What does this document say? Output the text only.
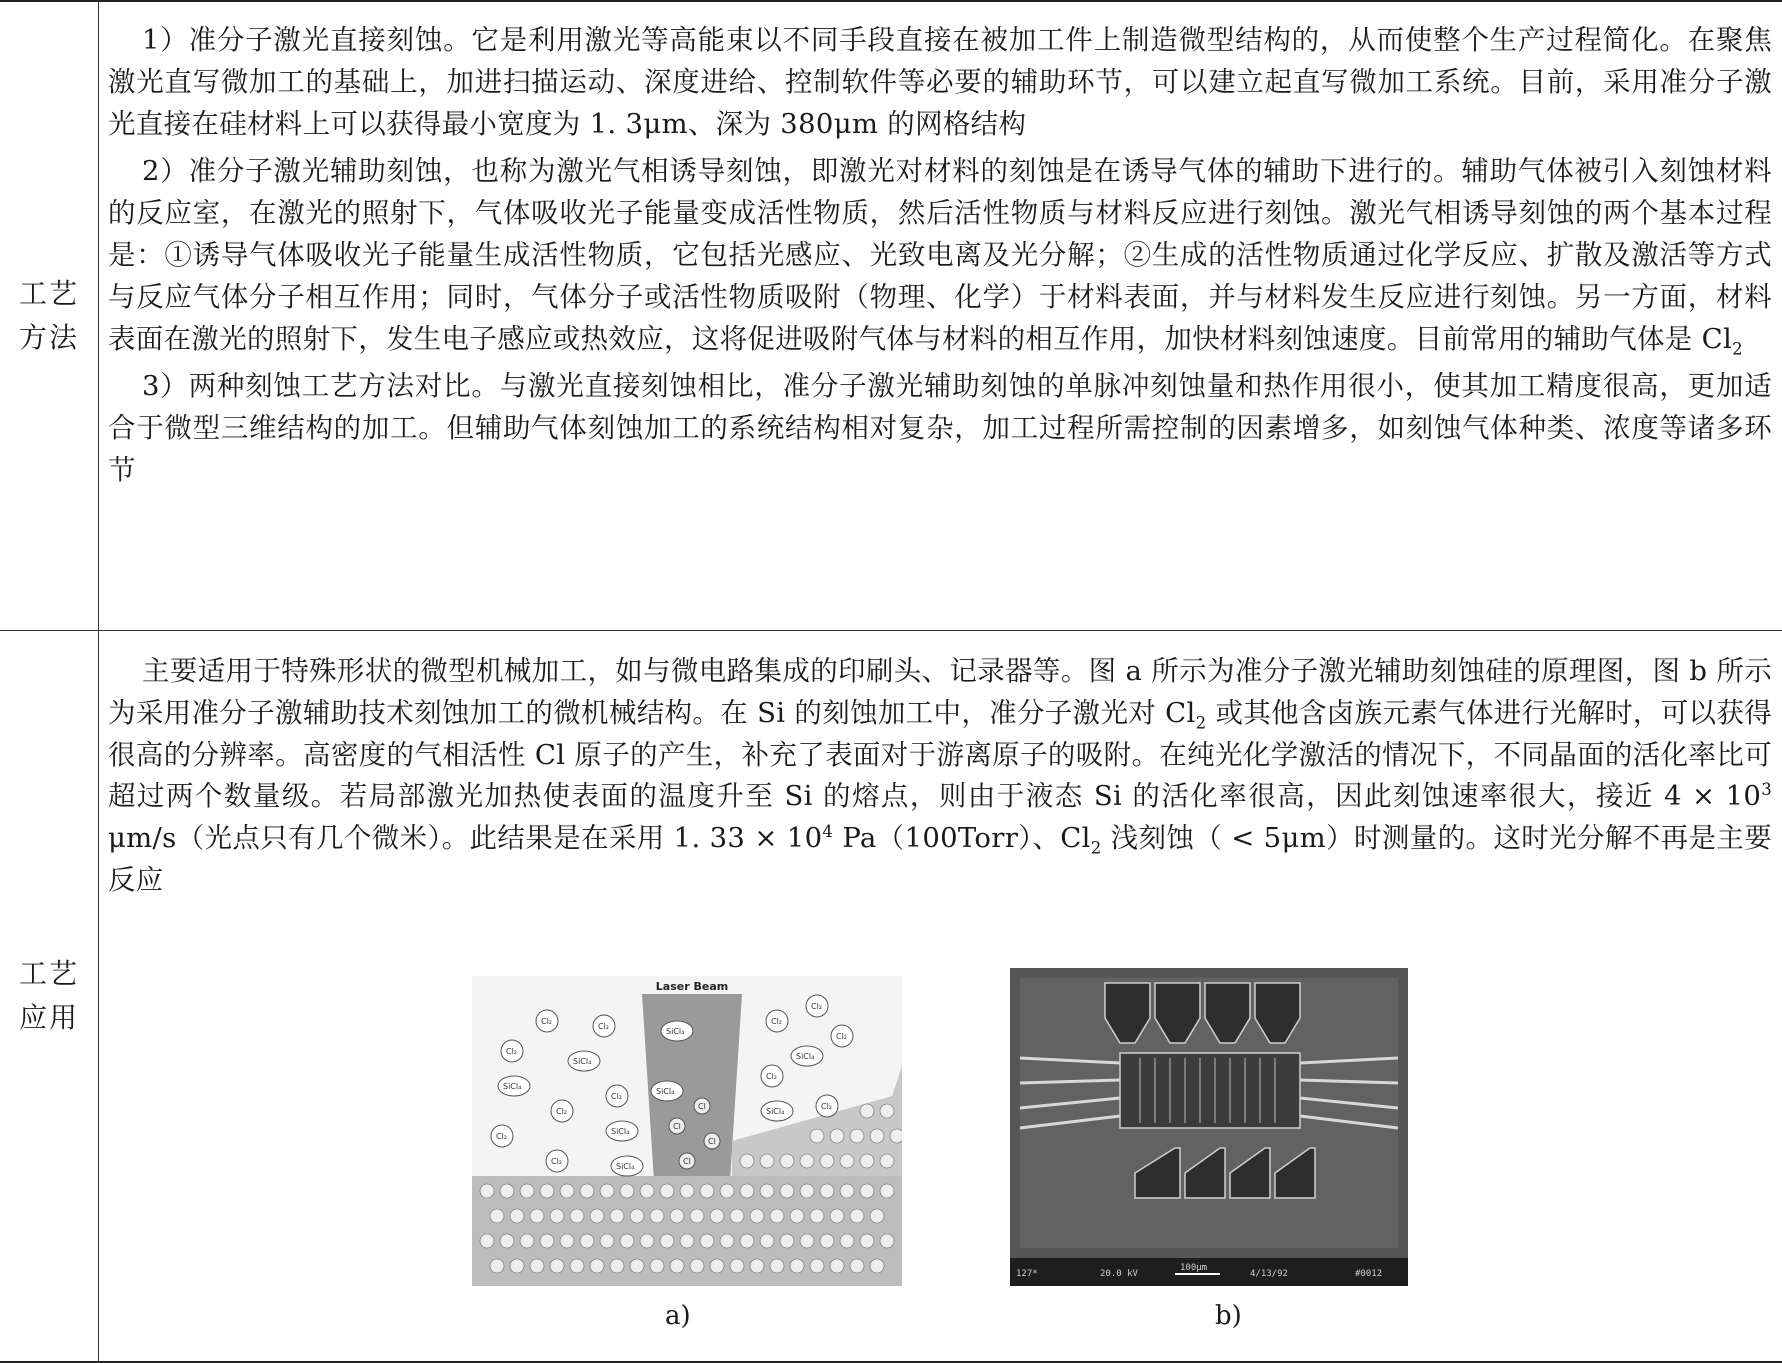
工艺
方法

1）准分子激光直接刻蚀。它是利用激光等高能束以不同手段直接在被加工件上制造微型结构的，从而使整个生产过程简化。在聚焦激光直写微加工的基础上，加进扫描运动、深度进给、控制软件等必要的辅助环节，可以建立起直写微加工系统。目前，采用准分子激光直接在硅材料上可以获得最小宽度为 1. 3μm、深为 380μm 的网格结构

2）准分子激光辅助刻蚀，也称为激光气相诱导刻蚀，即激光对材料的刻蚀是在诱导气体的辅助下进行的。辅助气体被引入刻蚀材料的反应室，在激光的照射下，气体吸收光子能量变成活性物质，然后活性物质与材料反应进行刻蚀。激光气相诱导刻蚀的两个基本过程是：①诱导气体吸收光子能量生成活性物质，它包括光感应、光致电离及光分解；②生成的活性物质通过化学反应、扩散及激活等方式与反应气体分子相互作用；同时，气体分子或活性物质吸附（物理、化学）于材料表面，并与材料发生反应进行刻蚀。另一方面，材料表面在激光的照射下，发生电子感应或热效应，这将促进吸附气体与材料的相互作用，加快材料刻蚀速度。目前常用的辅助气体是 $Cl_2$

3）两种刻蚀工艺方法对比。与激光直接刻蚀相比，准分子激光辅助刻蚀的单脉冲刻蚀量和热作用很小，使其加工精度很高，更加适合于微型三维结构的加工。但辅助气体刻蚀加工的系统结构相对复杂，加工过程所需控制的因素增多，如刻蚀气体种类、浓度等诸多环节

工艺
应用

主要适用于特殊形状的微型机械加工，如与微电路集成的印刷头、记录器等。图 a 所示为准分子激光辅助刻蚀硅的原理图，图 b 所示为采用准分子激辅助技术刻蚀加工的微机械结构。在 Si 的刻蚀加工中，准分子激光对 $Cl_2$ 或其他含卤族元素气体进行光解时，可以获得很高的分辨率。高密度的气相活性 Cl 原子的产生，补充了表面对于游离原子的吸附。在纯光化学激活的情况下，不同晶面的活化率比可超过两个数量级。若局部激光加热使表面的温度升至 Si 的熔点，则由于液态 Si 的活化率很高，因此刻蚀速率很大，接近 $4 \times 10^3$ μm/s（光点只有几个微米）。此结果是在采用 1. $33 \times 10^4$ Pa（100Torr）、$Cl_2$ 浅刻蚀（ < 5μm）时测量的。这时光分解不再是主要反应

Laser Beam
Cl₂
Cl₂
Cl₂
SiCl₄
SiCl₄
Cl₂
Cl₂
SiCl₄
Cl₂
Cl₂
SiCl₄
SiCl₄
SiCl₄
Cl
Cl
Cl
Cl
Cl₂
Cl₂
Cl₂
SiCl₄
Cl₂
SiCl₄
Cl₂
127*	20.0 kV
100μm
4/13/92	#0012
a)	b)
